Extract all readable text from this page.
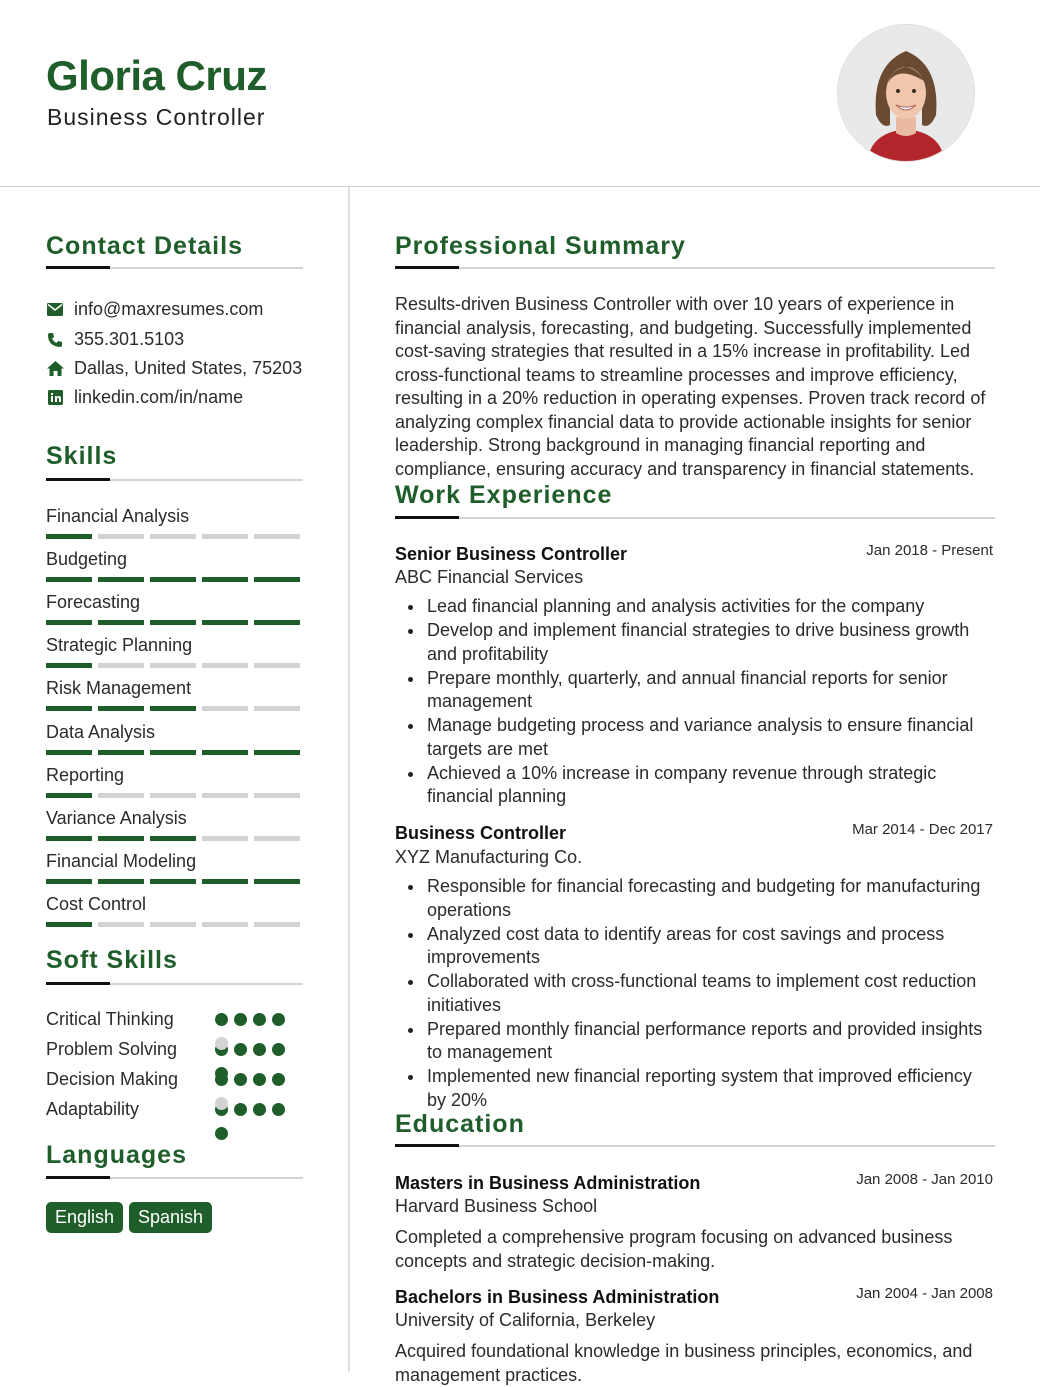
Gloria Cruz
Business Controller
Contact Details
info@maxresumes.com
355.301.5103
Dallas, United States, 75203
linkedin.com/in/name
Skills
Financial Analysis
Budgeting
Forecasting
Strategic Planning
Risk Management
Data Analysis
Reporting
Variance Analysis
Financial Modeling
Cost Control
Soft Skills
Critical Thinking
Problem Solving
Decision Making
Adaptability
Languages
English	Spanish
Professional Summary
Results-driven Business Controller with over 10 years of experience in financial analysis, forecasting, and budgeting. Successfully implemented cost-saving strategies that resulted in a 15% increase in profitability. Led cross-functional teams to streamline processes and improve efficiency, resulting in a 20% reduction in operating expenses. Proven track record of analyzing complex financial data to provide actionable insights for senior leadership. Strong background in managing financial reporting and compliance, ensuring accuracy and transparency in financial statements.
Work Experience
Senior Business Controller	Jan 2018 - Present
ABC Financial Services
Lead financial planning and analysis activities for the company
Develop and implement financial strategies to drive business growth and profitability
Prepare monthly, quarterly, and annual financial reports for senior management
Manage budgeting process and variance analysis to ensure financial targets are met
Achieved a 10% increase in company revenue through strategic financial planning
Business Controller	Mar 2014 - Dec 2017
XYZ Manufacturing Co.
Responsible for financial forecasting and budgeting for manufacturing operations
Analyzed cost data to identify areas for cost savings and process improvements
Collaborated with cross-functional teams to implement cost reduction initiatives
Prepared monthly financial performance reports and provided insights to management
Implemented new financial reporting system that improved efficiency by 20%
Education
Masters in Business Administration	Jan 2008 - Jan 2010
Harvard Business School
Completed a comprehensive program focusing on advanced business concepts and strategic decision-making.
Bachelors in Business Administration	Jan 2004 - Jan 2008
University of California, Berkeley
Acquired foundational knowledge in business principles, economics, and management practices.
